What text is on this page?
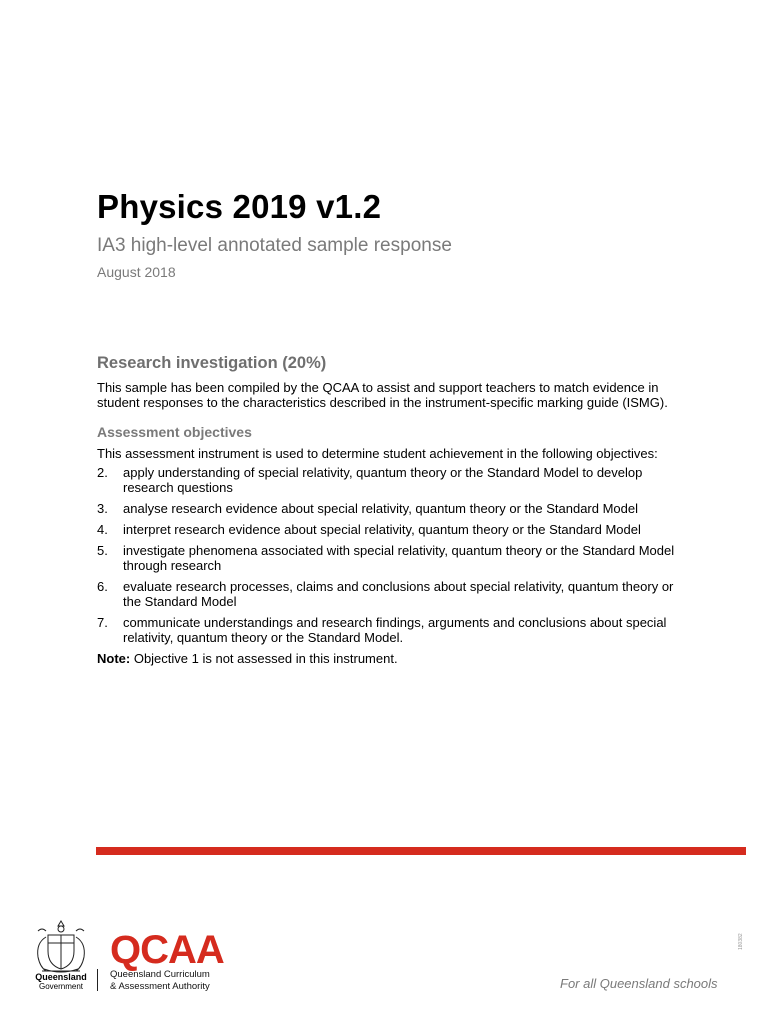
Physics 2019 v1.2
IA3 high-level annotated sample response
August 2018
Research investigation (20%)

This sample has been compiled by the QCAA to assist and support teachers to match evidence in student responses to the characteristics described in the instrument-specific marking guide (ISMG).

Assessment objectives

This assessment instrument is used to determine student achievement in the following objectives:

2. apply understanding of special relativity, quantum theory or the Standard Model to develop research questions
3. analyse research evidence about special relativity, quantum theory or the Standard Model
4. interpret research evidence about special relativity, quantum theory or the Standard Model
5. investigate phenomena associated with special relativity, quantum theory or the Standard Model through research
6. evaluate research processes, claims and conclusions about special relativity, quantum theory or the Standard Model
7. communicate understandings and research findings, arguments and conclusions about special relativity, quantum theory or the Standard Model.

Note: Objective 1 is not assessed in this instrument.

Queensland
Government
QCAA
Queensland Curriculum
& Assessment Authority	For all Queensland schools
180382
